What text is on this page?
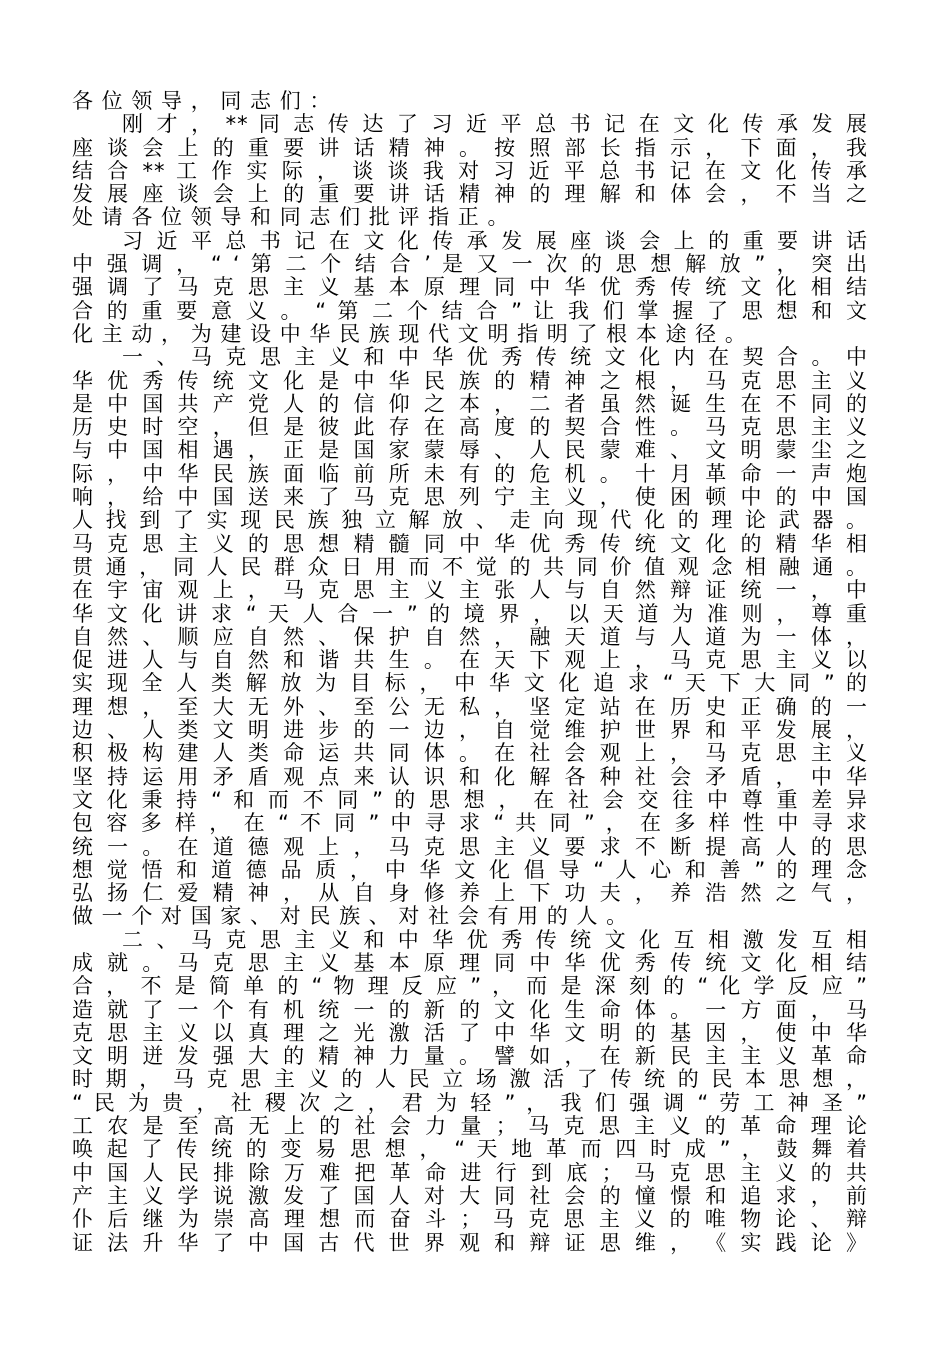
各 位 领 导 ， 同 志 们 ：
刚 才 ， ** 同 志 传 达 了 习 近 平 总 书 记 在 文 化 传 承 发 展
座 谈 会 上 的 重 要 讲 话 精 神 。 按 照 部 长 指 示 ， 下 面 ， 我
结 合 ** 工 作 实 际 ， 谈 谈 我 对 习 近 平 总 书 记 在 文 化 传 承
发 展 座 谈 会 上 的 重 要 讲 话 精 神 的 理 解 和 体 会 ， 不 当 之
处 请 各 位 领 导 和 同 志 们 批 评 指 正 。
习 近 平 总 书 记 在 文 化 传 承 发 展 座 谈 会 上 的 重 要 讲 话
中 强 调 ， “ ‘ 第 二 个 结 合 ’ 是 又 一 次 的 思 想 解 放 ” ， 突 出
强 调 了 马 克 思 主 义 基 本 原 理 同 中 华 优 秀 传 统 文 化 相 结
合 的 重 要 意 义 。 “ 第 二 个 结 合 ” 让 我 们 掌 握 了 思 想 和 文
化 主 动 ， 为 建 设 中 华 民 族 现 代 文 明 指 明 了 根 本 途 径 。
一 、 马 克 思 主 义 和 中 华 优 秀 传 统 文 化 内 在 契 合 。 中
华 优 秀 传 统 文 化 是 中 华 民 族 的 精 神 之 根 ， 马 克 思 主 义
是 中 国 共 产 党 人 的 信 仰 之 本 ， 二 者 虽 然 诞 生 在 不 同 的
历 史 时 空 ， 但 是 彼 此 存 在 高 度 的 契 合 性 。 马 克 思 主 义
与 中 国 相 遇 ， 正 是 国 家 蒙 辱 、 人 民 蒙 难 、 文 明 蒙 尘 之
际 ， 中 华 民 族 面 临 前 所 未 有 的 危 机 。 十 月 革 命 一 声 炮
响 ， 给 中 国 送 来 了 马 克 思 列 宁 主 义 ， 使 困 顿 中 的 中 国
人 找 到 了 实 现 民 族 独 立 解 放 、 走 向 现 代 化 的 理 论 武 器 。
马 克 思 主 义 的 思 想 精 髓 同 中 华 优 秀 传 统 文 化 的 精 华 相
贯 通 ， 同 人 民 群 众 日 用 而 不 觉 的 共 同 价 值 观 念 相 融 通 。
在 宇 宙 观 上 ， 马 克 思 主 义 主 张 人 与 自 然 辩 证 统 一 ， 中
华 文 化 讲 求 “ 天 人 合 一 ” 的 境 界 ， 以 天 道 为 准 则 ， 尊 重
自 然 、 顺 应 自 然 、 保 护 自 然 ， 融 天 道 与 人 道 为 一 体 ，
促 进 人 与 自 然 和 谐 共 生 。 在 天 下 观 上 ， 马 克 思 主 义 以
实 现 全 人 类 解 放 为 目 标 ， 中 华 文 化 追 求 “ 天 下 大 同 ” 的
理 想 ， 至 大 无 外 、 至 公 无 私 ， 坚 定 站 在 历 史 正 确 的 一
边 、 人 类 文 明 进 步 的 一 边 ， 自 觉 维 护 世 界 和 平 发 展 ，
积 极 构 建 人 类 命 运 共 同 体 。 在 社 会 观 上 ， 马 克 思 主 义
坚 持 运 用 矛 盾 观 点 来 认 识 和 化 解 各 种 社 会 矛 盾 ， 中 华
文 化 秉 持 “ 和 而 不 同 ” 的 思 想 ， 在 社 会 交 往 中 尊 重 差 异
包 容 多 样 ， 在 “ 不 同 ” 中 寻 求 “ 共 同 ” ， 在 多 样 性 中 寻 求
统 一 。 在 道 德 观 上 ， 马 克 思 主 义 要 求 不 断 提 高 人 的 思
想 觉 悟 和 道 德 品 质 ， 中 华 文 化 倡 导 “ 人 心 和 善 ” 的 理 念
弘 扬 仁 爱 精 神 ， 从 自 身 修 养 上 下 功 夫 ， 养 浩 然 之 气 ，
做 一 个 对 国 家 、 对 民 族 、 对 社 会 有 用 的 人 。
二 、 马 克 思 主 义 和 中 华 优 秀 传 统 文 化 互 相 激 发 互 相
成 就 。 马 克 思 主 义 基 本 原 理 同 中 华 优 秀 传 统 文 化 相 结
合 ， 不 是 简 单 的 “ 物 理 反 应 ” ， 而 是 深 刻 的 “ 化 学 反 应 ”
造 就 了 一 个 有 机 统 一 的 新 的 文 化 生 命 体 。 一 方 面 ， 马
克 思 主 义 以 真 理 之 光 激 活 了 中 华 文 明 的 基 因 ， 使 中 华
文 明 迸 发 强 大 的 精 神 力 量 。 譬 如 ， 在 新 民 主 主 义 革 命
时 期 ， 马 克 思 主 义 的 人 民 立 场 激 活 了 传 统 的 民 本 思 想 ，
“ 民 为 贵 ， 社 稷 次 之 ， 君 为 轻 ” ， 我 们 强 调 “ 劳 工 神 圣 ”
工 农 是 至 高 无 上 的 社 会 力 量 ； 马 克 思 主 义 的 革 命 理 论
唤 起 了 传 统 的 变 易 思 想 ， “ 天 地 革 而 四 时 成 ” ， 鼓 舞 着
中 国 人 民 排 除 万 难 把 革 命 进 行 到 底 ； 马 克 思 主 义 的 共
产 主 义 学 说 激 发 了 国 人 对 大 同 社 会 的 憧 憬 和 追 求 ， 前
仆 后 继 为 崇 高 理 想 而 奋 斗 ； 马 克 思 主 义 的 唯 物 论 、 辩
证 法 升 华 了 中 国 古 代 世 界 观 和 辩 证 思 维 ， 《 实 践 论 》
